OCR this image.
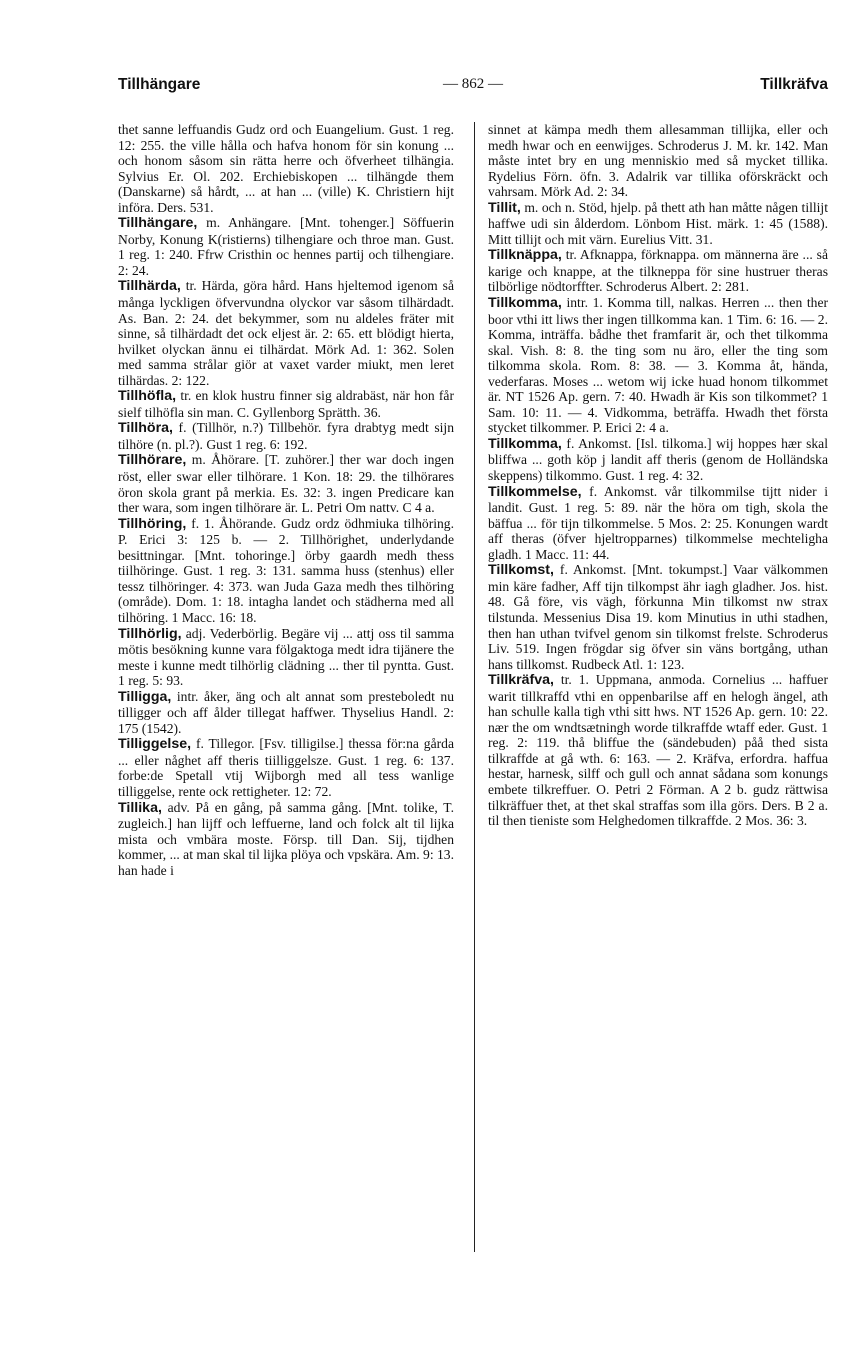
Tillhängare	— 862 —	Tillkräfva

thet sanne leffuandis Gudz ord och Euangelium. Gust. 1 reg. 12: 255. the ville hålla och hafva honom för sin konung ... och honom såsom sin rätta herre och öfverheet tilhängia. Sylvius Er. Ol. 202. Erchiebiskopen ... tilhängde them (Danskarne) så hårdt, ... at han ... (ville) K. Christiern hijt införa. Ders. 531.

Tillhängare, m. Anhängare. [Mnt. tohenger.] Söffuerin Norby, Konung K(ristierns) tilhengiare och throe man. Gust. 1 reg. 1: 240. Ffrw Cristhin oc hennes partij och tilhengiare. 2: 24.

Tillhärda, tr. Härda, göra hård. Hans hjeltemod igenom så många lyckligen öfvervundna olyckor var såsom tilhärdadt. As. Ban. 2: 24. det bekymmer, som nu aldeles fräter mit sinne, så tilhärdadt det ock eljest är. 2: 65. ett blödigt hierta, hvilket olyckan ännu ei tilhärdat. Mörk Ad. 1: 362. Solen med samma strålar giör at vaxet varder miukt, men leret tilhärdas. 2: 122.

Tillhöfla, tr. en klok hustru finner sig aldrabäst, när hon får sielf tilhöfla sin man. C. Gyllenborg Sprätth. 36.

Tillhöra, f. (Tillhör, n.?) Tillbehör. fyra drabtyg medt sijn tilhöre (n. pl.?). Gust 1 reg. 6: 192.

Tillhörare, m. Åhörare. [T. zuhörer.] ther war doch ingen röst, eller swar eller tilhörare. 1 Kon. 18: 29. the tilhörares öron skola grant på merkia. Es. 32: 3. ingen Predicare kan ther wara, som ingen tilhörare är. L. Petri Om nattv. C 4 a.

Tillhöring, f. 1. Åhörande. Gudz ordz ödhmiuka tilhöring. P. Erici 3: 125 b. — 2. Tillhörighet, underlydande besittningar. [Mnt. tohoringe.] örby gaardh medh thess tiilhöringe. Gust. 1 reg. 3: 131. samma huss (stenhus) eller tessz tilhöringer. 4: 373. wan Juda Gaza medh thes tilhöring (område). Dom. 1: 18. intagha landet och städherna med all tilhöring. 1 Macc. 16: 18.

Tillhörlig, adj. Vederbörlig. Begäre vij ... attj oss til samma mötis besökning kunne vara fölgaktoga medt idra tijänere the meste i kunne medt tilhörlig clädning ... ther til pyntta. Gust. 1 reg. 5: 93.

Tilligga, intr. åker, äng och alt annat som presteboledt nu tilligger och aff ålder tillegat haffwer. Thyselius Handl. 2: 175 (1542).

Tilliggelse, f. Tillegor. [Fsv. tilligilse.] thessa för:na gårda ... eller någhet aff theris tiilliggelsze. Gust. 1 reg. 6: 137. forbe:de Spetall vtij Wijborgh med all tess wanlige tilliggelse, rente ock rettigheter. 12: 72.

Tillika, adv. På en gång, på samma gång. [Mnt. tolike, T. zugleich.] han lijff och leffuerne, land och folck alt til lijka mista och vmbära moste. Försp. till Dan. Sij, tijdhen kommer, ... at man skal til lijka plöya och vpskära. Am. 9: 13. han hade i

sinnet at kämpa medh them allesamman tillijka, eller och medh hwar och en eenwijges. Schroderus J. M. kr. 142. Man måste intet bry en ung menniskio med så mycket tillika. Rydelius Förn. öfn. 3. Adalrik var tillika oförskräckt och vahrsam. Mörk Ad. 2: 34.

Tillit, m. och n. Stöd, hjelp. på thett ath han måtte någen tillijt haffwe udi sin ålderdom. Lönbom Hist. märk. 1: 45 (1588). Mitt tillijt och mit värn. Eurelius Vitt. 31.

Tillknäppa, tr. Afknappa, förknappa. om männerna äre ... så karige och knappe, at the tilkneppa för sine hustruer theras tilbörlige nödtorffter. Schroderus Albert. 2: 281.

Tillkomma, intr. 1. Komma till, nalkas. Herren ... then ther boor vthi itt liws ther ingen tillkomma kan. 1 Tim. 6: 16. — 2. Komma, inträffa. bådhe thet framfarit är, och thet tilkomma skal. Vish. 8: 8. the ting som nu äro, eller the ting som tilkomma skola. Rom. 8: 38. — 3. Komma åt, hända, vederfaras. Moses ... wetom wij icke huad honom tilkommet är. NT 1526 Ap. gern. 7: 40. Hwadh är Kis son tilkommet? 1 Sam. 10: 11. — 4. Vidkomma, beträffa. Hwadh thet första stycket tilkommer. P. Erici 2: 4 a.

Tillkomma, f. Ankomst. [Isl. tilkoma.] wij hoppes hær skal bliffwa ... goth köp j landit aff theris (genom de Holländska skeppens) tilkommo. Gust. 1 reg. 4: 32.

Tillkommelse, f. Ankomst. vår tilkommilse tijtt nider i landit. Gust. 1 reg. 5: 89. när the höra om tigh, skola the bäffua ... för tijn tilkommelse. 5 Mos. 2: 25. Konungen wardt aff theras (öfver hjeltropparnes) tilkommelse mechteligha gladh. 1 Macc. 11: 44.

Tillkomst, f. Ankomst. [Mnt. tokumpst.] Vaar välkommen min käre fadher, Aff tijn tilkompst ähr iagh gladher. Jos. hist. 48. Gå före, vis vägh, förkunna Min tilkomst nw strax tilstunda. Messenius Disa 19. kom Minutius in uthi stadhen, then han uthan tvifvel genom sin tilkomst frelste. Schroderus Liv. 519. Ingen frögdar sig öfver sin väns bortgång, uthan hans tillkomst. Rudbeck Atl. 1: 123.

Tillkräfva, tr. 1. Uppmana, anmoda. Cornelius ... haffuer warit tillkraffd vthi en oppenbarilse aff en helogh ängel, ath han schulle kalla tigh vthi sitt hws. NT 1526 Ap. gern. 10: 22. nær the om wndtsætningh worde tilkraffde wtaff eder. Gust. 1 reg. 2: 119. thå bliffue the (sändebuden) påå thed sista tilkraffde at gå wth. 6: 163. — 2. Kräfva, erfordra. haffua hestar, harnesk, silff och gull och annat sådana som konungs embete tilkreffuer. O. Petri 2 Förman. A 2 b. gudz rättwisa tilkräffuer thet, at thet skal straffas som illa görs. Ders. B 2 a. til then tieniste som Helghedomen tilkraffde. 2 Mos. 36: 3.
